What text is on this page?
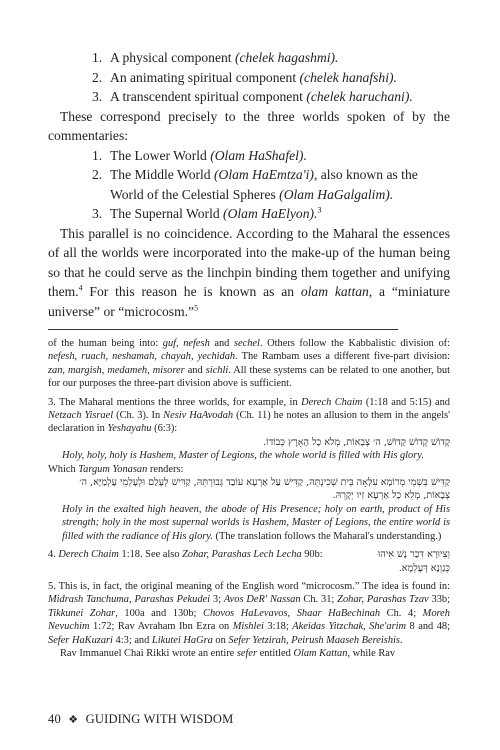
1. A physical component (chelek hagashmi).
2. An animating spiritual component (chelek hanafshi).
3. A transcendent spiritual component (chelek haruchani).

These correspond precisely to the three worlds spoken of by the commentaries:

1. The Lower World (Olam HaShafel).
2. The Middle World (Olam HaEmtza'i), also known as the World of the Celestial Spheres (Olam HaGalgalim).
3. The Supernal World (Olam HaElyon).$^3$

This parallel is no coincidence. According to the Maharal the essences of all the worlds were incorporated into the make-up of the human being so that he could serve as the linchpin binding them together and unifying them.$^4$ For this reason he is known as an olam kattan, a “miniature universe” or “microcosm.”$^5$

of the human being into: guf, nefesh and sechel. Others follow the Kabbalistic division of: nefesh, ruach, neshamah, chayah, yechidah. The Rambam uses a different five-part division: zan, margish, medameh, misorer and sichli. All these systems can be related to one another, but for our purposes the three-part division above is sufficient.

3. The Maharal mentions the three worlds, for example, in Derech Chaim (1:18 and 5:15) and Netzach Yisrael (Ch. 3). In Nesiv HaAvodah (Ch. 11) he notes an allusion to them in the angels' declaration in Yeshayahu (6:3):
קָדוֹשׁ קָדוֹשׁ קָדוֹשׁ, ה׳ צְבָאוֹת, מְלֹא כָל הָאָרֶץ כְּבוֹדוֹ.
Holy, holy, holy is Hashem, Master of Legions, the whole world is filled with His glory.
Which Targum Yonasan renders:
קַדִּישׁ בִּשְׁמֵי מְרוֹמָא עִלָּאָה בֵּית שְׁכִינְתֵּהּ, קַדִּישׁ עַל אַרְעָא עוֹבַד גְּבוּרְתֵּהּ, קַדִּישׁ לְעָלַם וּלְעָלְמֵי עָלְמַיָּא, ה׳ צְבָאוֹת, מְלֵא כָל אַרְעָא זִיו יְקָרֵהּ.
Holy in the exalted high heaven, the abode of His Presence; holy on earth, product of His strength; holy in the most supernal worlds is Hashem, Master of Legions, the entire world is filled with the radiance of His glory. (The translation follows the Maharal's understanding.)
4. Derech Chaim 1:18. See also Zohar, Parashas Lech Lecha 90b:	וְצִיוּרָא דִּכַר נָשׁ אִיהוּ
כְּגַוְנָא דְּעָלְמָא.
5. This is, in fact, the original meaning of the English word “microcosm.” The idea is found in: Midrash Tanchuma, Parashas Pekudei 3; Avos DeR' Nassan Ch. 31; Zohar, Parashas Tzav 33b; Tikkunei Zohar, 100a and 130b; Chovos HaLevavos, Shaar HaBechinah Ch. 4; Moreh Nevuchim 1:72; Rav Avraham Ibn Ezra on Mishlei 3:18; Akeidas Yitzchak, She'arim 8 and 48; Sefer HaKuzari 4:3; and Likutei HaGra on Sefer Yetzirah, Peirush Maaseh Bereishis.
Rav Immanuel Chai Rikki wrote an entire sefer entitled Olam Kattan, while Rav
40 ❖ GUIDING WITH WISDOM
